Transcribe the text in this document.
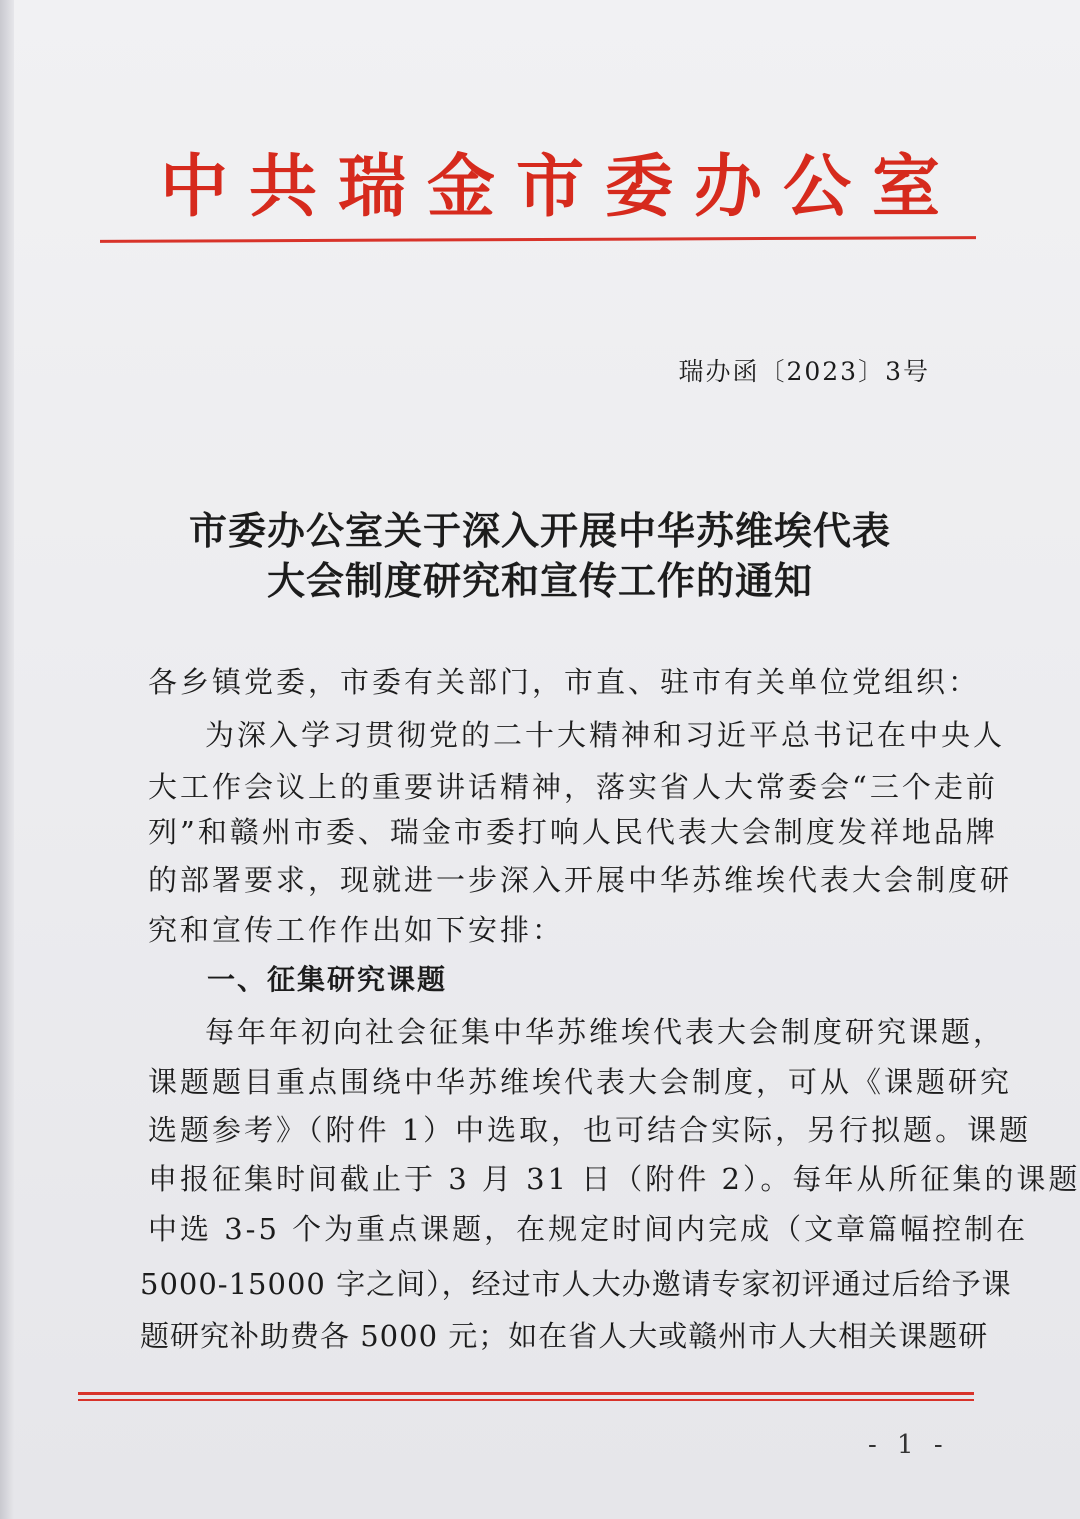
中共瑞金市委办公室
瑞办函〔2023〕3号
市委办公室关于深入开展中华苏维埃代表
大会制度研究和宣传工作的通知
各乡镇党委，市委有关部门，市直、驻市有关单位党组织：
为深入学习贯彻党的二十大精神和习近平总书记在中央人
大工作会议上的重要讲话精神，落实省人大常委会“三个走前
列”和赣州市委、瑞金市委打响人民代表大会制度发祥地品牌
的部署要求，现就进一步深入开展中华苏维埃代表大会制度研
究和宣传工作作出如下安排：
一、征集研究课题
每年年初向社会征集中华苏维埃代表大会制度研究课题，
课题题目重点围绕中华苏维埃代表大会制度，可从《课题研究
选题参考》（附件 1）中选取，也可结合实际，另行拟题。课题
申报征集时间截止于 3 月 31 日（附件 2）。每年从所征集的课题
中选 3-5 个为重点课题，在规定时间内完成（文章篇幅控制在
5000-15000 字之间），经过市人大办邀请专家初评通过后给予课
题研究补助费各 5000 元；如在省人大或赣州市人大相关课题研
- 1 -
